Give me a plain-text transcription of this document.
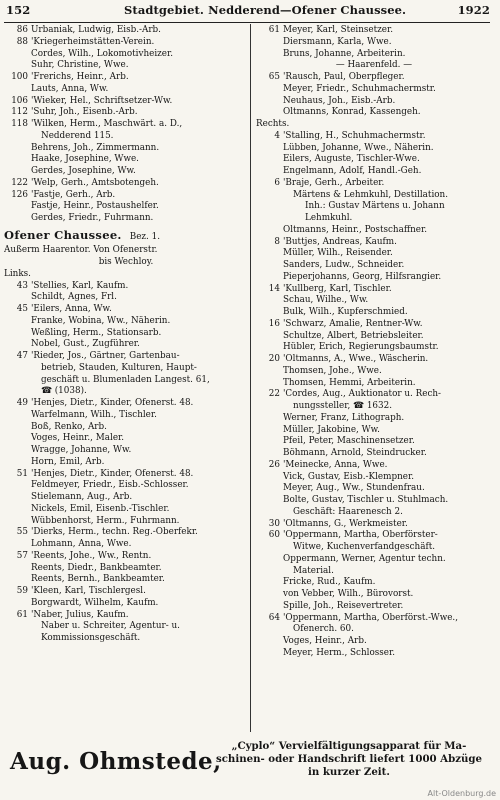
152	Stadtgebiet. Nedderend—Ofener Chaussee.	1922
86 Urbaniak, Ludwig, Eisb.-Arb.
88 'Kriegerheimstätten-Verein.
Cordes, Wilh., Lokomotivheizer.
Suhr, Christine, Wwe.
100 'Frerichs, Heinr., Arb.
Lauts, Anna, Ww.
106 'Wieker, Hel., Schriftsetzer-Ww.
112 'Suhr, Joh., Eisenb.-Arb.
118 'Wilken, Herm., Maschwärt. a. D.,
Nedderend 115.
Behrens, Joh., Zimmermann.
Haake, Josephine, Wwe.
Gerdes, Josephine, Ww.
122 'Welp, Gerh., Amtsbotengeh.
126 'Fastje, Gerh., Arb.
Fastje, Heinr., Postaushelfer.
Gerdes, Friedr., Fuhrmann.
Ofener Chaussee. Bez. 1.
Außerm Haarentor. Von Ofenerstr.
bis Wechloy.
Links.
43 'Stellies, Karl, Kaufm.
Schildt, Agnes, Frl.
45 'Eilers, Anna, Ww.
Franke, Wobina, Ww., Näherin.
Weßling, Herm., Stationsarb.
Nobel, Gust., Zugführer.
47 'Rieder, Jos., Gärtner, Gartenbau-
betrieb, Stauden, Kulturen, Haupt-
geschäft u. Blumenladen Langest. 61,
☎ (1038).
49 'Henjes, Dietr., Kinder, Ofenerst. 48.
Warfelmann, Wilh., Tischler.
Boß, Renko, Arb.
Voges, Heinr., Maler.
Wragge, Johanne, Ww.
Horn, Emil, Arb.
51 'Henjes, Dietr., Kinder, Ofenerst. 48.
Feldmeyer, Friedr., Eisb.-Schlosser.
Stielemann, Aug., Arb.
Nickels, Emil, Eisenb.-Tischler.
Wübbenhorst, Herm., Fuhrmann.
55 'Dierks, Herm., techn. Reg.-Oberfekr.
Lohmann, Anna, Wwe.
57 'Reents, Johe., Ww., Rentn.
Reents, Diedr., Bankbeamter.
Reents, Bernh., Bankbeamter.
59 'Kleen, Karl, Tischlergesl.
Borgwardt, Wilhelm, Kaufm.
61 'Naber, Julius, Kaufm.
Naber u. Schreiter, Agentur- u.
Kommissionsgeschäft.
61 Meyer, Karl, Steinsetzer.
Diersmann, Karla, Wwe.
Bruns, Johanne, Arbeiterin.
— Haarenfeld. —
65 'Rausch, Paul, Oberpfleger.
Meyer, Friedr., Schuhmachermstr.
Neuhaus, Joh., Eisb.-Arb.
Oltmanns, Konrad, Kassengeh.
Rechts.
4 'Stalling, H., Schuhmachermstr.
Lübben, Johanne, Wwe., Näherin.
Eilers, Auguste, Tischler-Wwe.
Engelmann, Adolf, Handl.-Geh.
6 'Braje, Gerh., Arbeiter.
Märtens & Lehmkuhl, Destillation.
Inh.: Gustav Märtens u. Johann
Lehmkuhl.
Oltmanns, Heinr., Postschaffner.
8 'Buttjes, Andreas, Kaufm.
Müller, Wilh., Reisender.
Sanders, Ludw., Schneider.
Pieperjohanns, Georg, Hilfsrangier.
14 'Kullberg, Karl, Tischler.
Schau, Wilhe., Ww.
Bulk, Wilh., Kupferschmied.
16 'Schwarz, Amalie, Rentner-Ww.
Schultze, Albert, Betriebsleiter.
Hübler, Erich, Regierungsbaumstr.
20 'Oltmanns, A., Wwe., Wäscherin.
Thomsen, Johe., Wwe.
Thomsen, Hemmi, Arbeiterin.
22 'Cordes, Aug., Auktionator u. Rech-
nungssteller, ☎ 1632.
Werner, Franz, Lithograph.
Müller, Jakobine, Ww.
Pfeil, Peter, Maschinensetzer.
Böhmann, Arnold, Steindrucker.
26 'Meinecke, Anna, Wwe.
Vick, Gustav, Eisb.-Klempner.
Meyer, Aug., Ww., Stundenfrau.
Bolte, Gustav, Tischler u. Stuhlmach.
Geschäft: Haarenesch 2.
30 'Oltmanns, G., Werkmeister.
60 'Oppermann, Martha, Oberförster-
Witwe, Kuchenverfandgeschäft.
Oppermann, Werner, Agentur techn.
Material.
Fricke, Rud., Kaufm.
von Vebber, Wilh., Bürovorst.
Spille, Joh., Reisevertreter.
64 'Oppermann, Martha, Oberförst.-Wwe.,
Ofenerch. 60.
Voges, Heinr., Arb.
Meyer, Herm., Schlosser.
Aug. Ohmstede,
„Cyplo“ Vervielfältigungsapparat für Ma-
schinen- oder Handschrift liefert 1000 Abzüge
in kurzer Zeit.
Alt-Oldenburg.de
